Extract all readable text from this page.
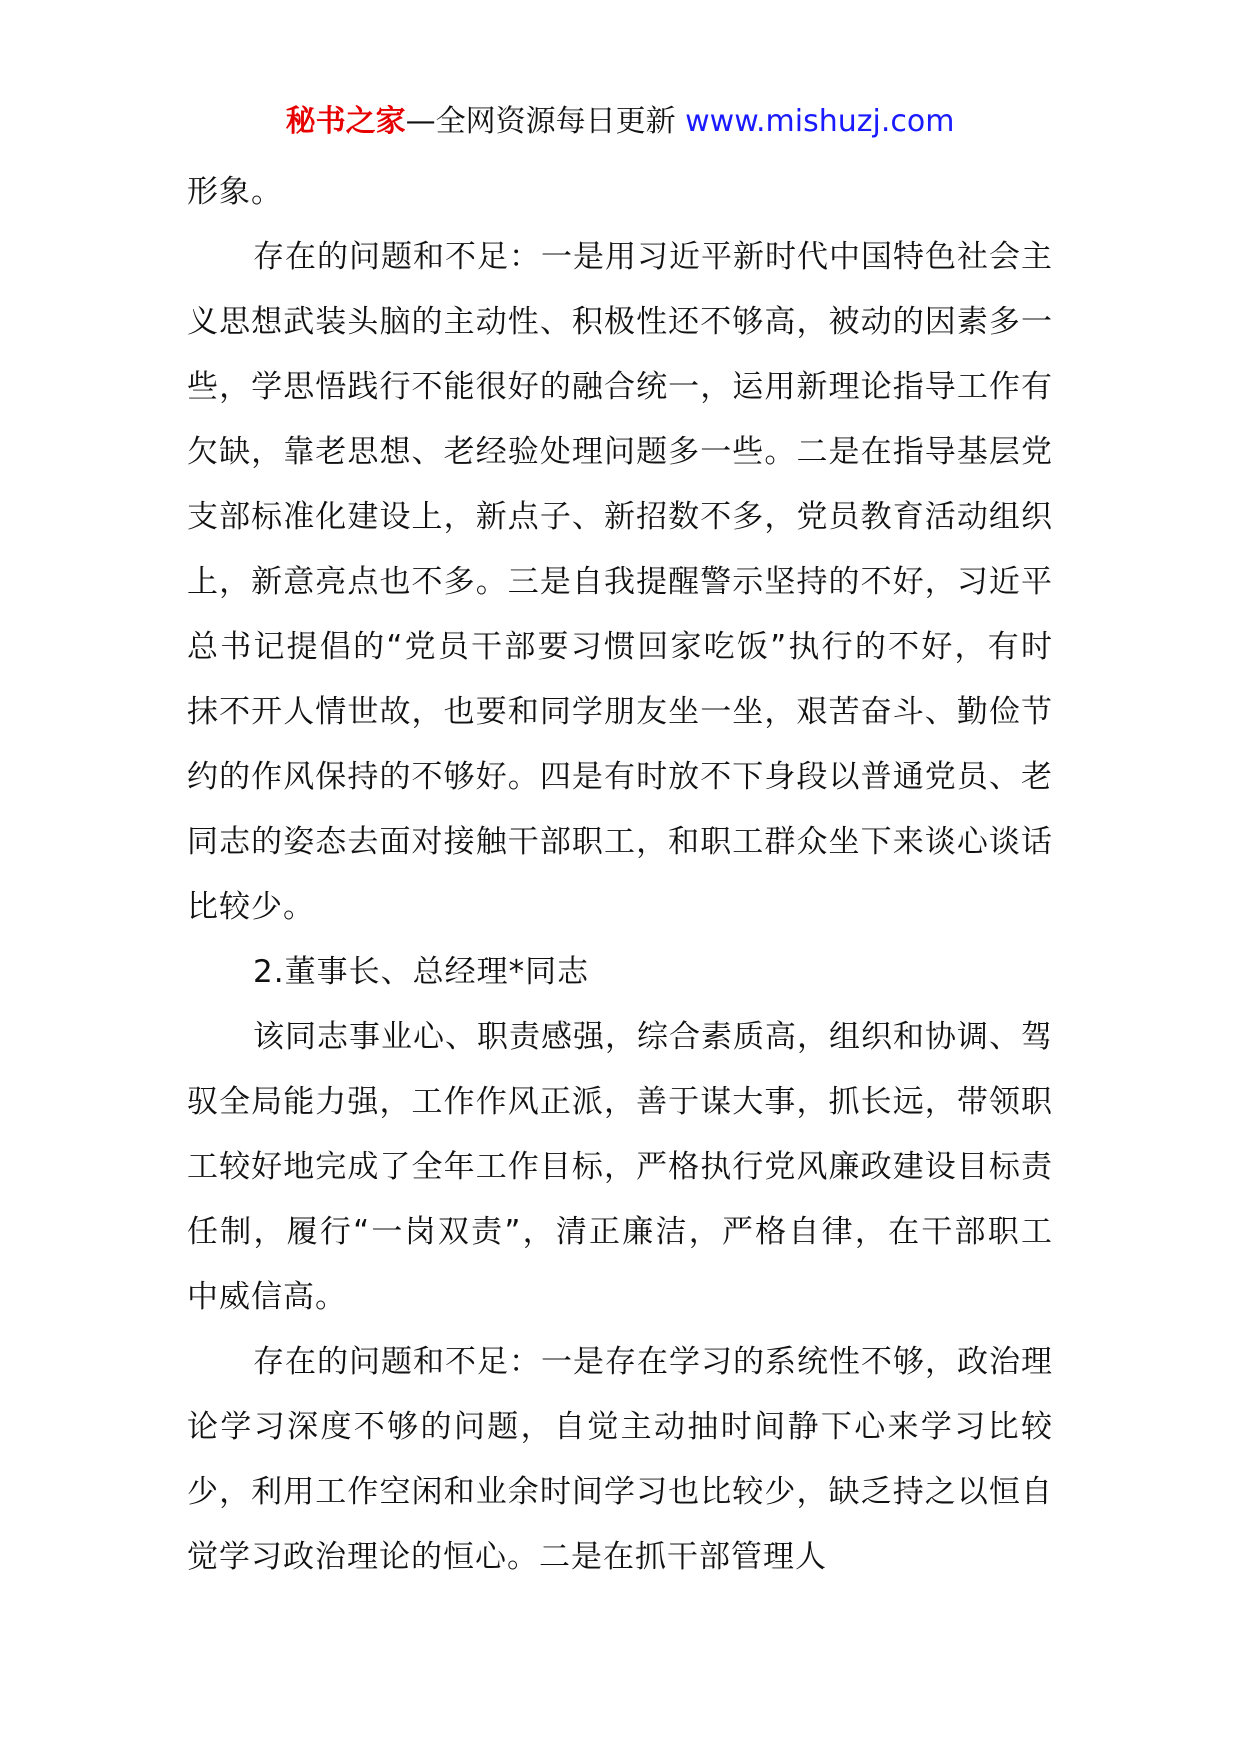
秘书之家—全网资源每日更新 www.mishuzj.com

形象。

存在的问题和不足：一是用习近平新时代中国特色社会主义思想武装头脑的主动性、积极性还不够高，被动的因素多一些，学思悟践行不能很好的融合统一，运用新理论指导工作有欠缺，靠老思想、老经验处理问题多一些。二是在指导基层党支部标准化建设上，新点子、新招数不多，党员教育活动组织上，新意亮点也不多。三是自我提醒警示坚持的不好，习近平总书记提倡的“党员干部要习惯回家吃饭”执行的不好，有时抹不开人情世故，也要和同学朋友坐一坐，艰苦奋斗、勤俭节约的作风保持的不够好。四是有时放不下身段以普通党员、老同志的姿态去面对接触干部职工，和职工群众坐下来谈心谈话比较少。

2.董事长、总经理*同志

该同志事业心、职责感强，综合素质高，组织和协调、驾驭全局能力强，工作作风正派，善于谋大事，抓长远，带领职工较好地完成了全年工作目标，严格执行党风廉政建设目标责任制，履行“一岗双责”，清正廉洁，严格自律，在干部职工中威信高。

存在的问题和不足：一是存在学习的系统性不够，政治理论学习深度不够的问题，自觉主动抽时间静下心来学习比较少，利用工作空闲和业余时间学习也比较少，缺乏持之以恒自觉学习政治理论的恒心。二是在抓干部管理人
